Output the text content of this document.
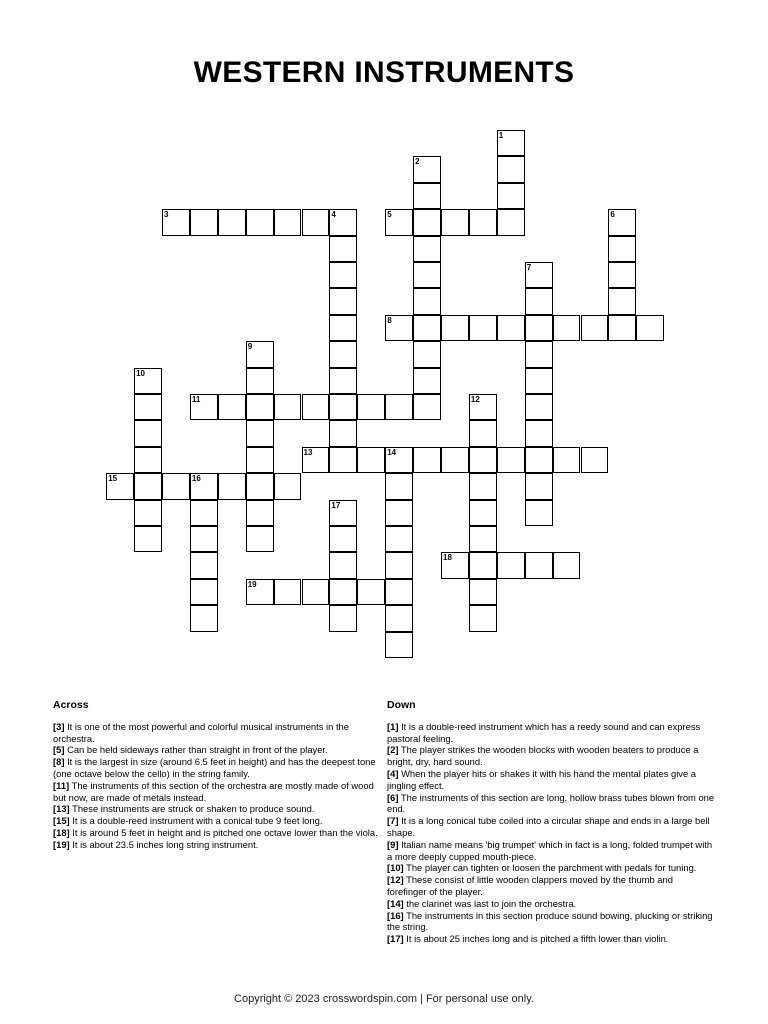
WESTERN INSTRUMENTS
1
2
3	4	5	6
7
8
9
10
11	12
13	14
15	16
17
18
19
Across
[3] It is one of the most powerful and colorful musical instruments in the orchestra.
[5] Can be held sideways rather than straight in front of the player.
[8] It is the largest in size (around 6.5 feet in height) and has the deepest tone (one octave below the cello) in the string family.
[11] The instruments of this section of the orchestra are mostly made of wood but now, are made of metals instead.
[13] These instruments are struck or shaken to produce sound.
[15] It is a double-reed instrument with a conical tube 9 feet long.
[18] It is around 5 feet in height and is pitched one octave lower than the viola.
[19] It is about 23.5 inches long string instrument.
Down
[1] It is a double-reed instrument which has a reedy sound and can express pastoral feeling.
[2] The player strikes the wooden blocks with wooden beaters to produce a bright, dry, hard sound.
[4] When the player hits or shakes it with his hand the mental plates give a jingling effect.
[6] The instruments of this section are long, hollow brass tubes blown from one end.
[7] It is a long conical tube coiled into a circular shape and ends in a large bell shape.
[9] Italian name means 'big trumpet' which in fact is a long, folded trumpet with a more deeply cupped mouth-piece.
[10] The player can tighten or loosen the parchment with pedals for tuning.
[12] These consist of little wooden clappers moved by the thumb and forefinger of the player.
[14] the clarinet was last to join the orchestra.
[16] The instruments in this section produce sound bowing, plucking or striking the string.
[17] It is about 25 inches long and is pitched a fifth lower than violin.
Copyright © 2023 crosswordspin.com | For personal use only.
